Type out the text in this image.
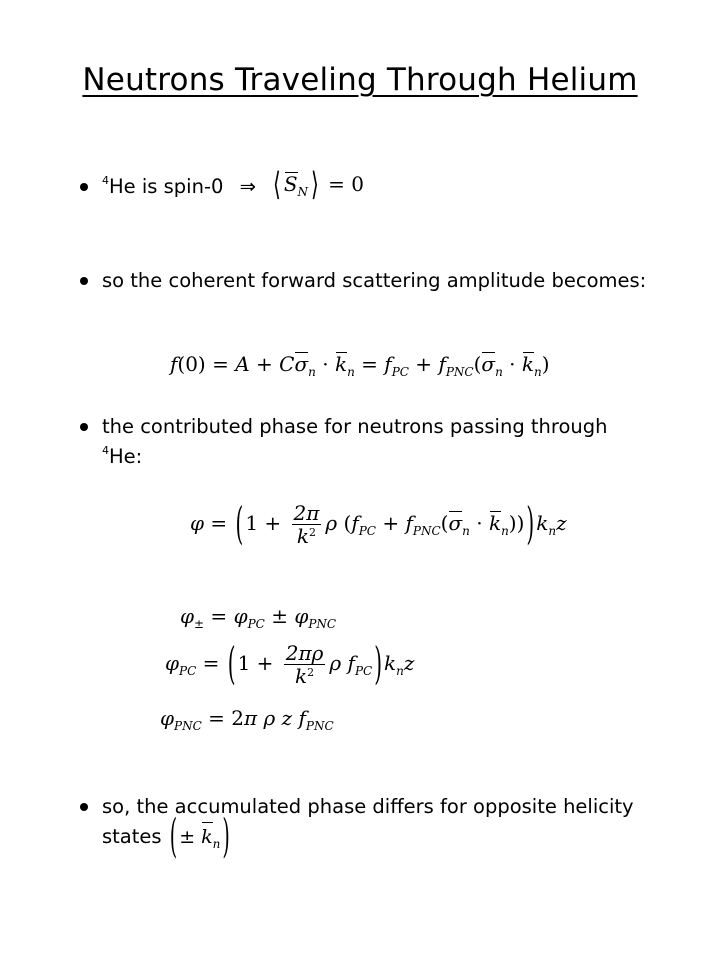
Neutrons Traveling Through Helium
$^4$He is spin-0 ⇒ ⟨ $S_N$ ⟩ = 0
so the coherent forward scattering amplitude becomes:
$f(0) = A + C\sigma_n \cdot k_n = f_{PC} + f_{PNC}(\sigma_n \cdot k_n)$
the contributed phase for neutrons passing through
$^4$He:
φ = ( $1 + \frac{2\pi}{k^2}$ ρ $(f_{PC} + f_{PNC}(\sigma_n \cdot k_n))$ ) $k_nz$
$\varphi_\pm = \varphi_{PC} \pm \varphi_{PNC}$
$\varphi_{PC}$ = ( $1 + \frac{2\pi\rho}{k^2}$ ρ $f_{PC}$ ) $k_nz$
$\varphi_{PNC} = 2\pi$ ρ z $f_{PNC}$
so, the accumulated phase differs for opposite helicity
states ( ± $k_n$ )
